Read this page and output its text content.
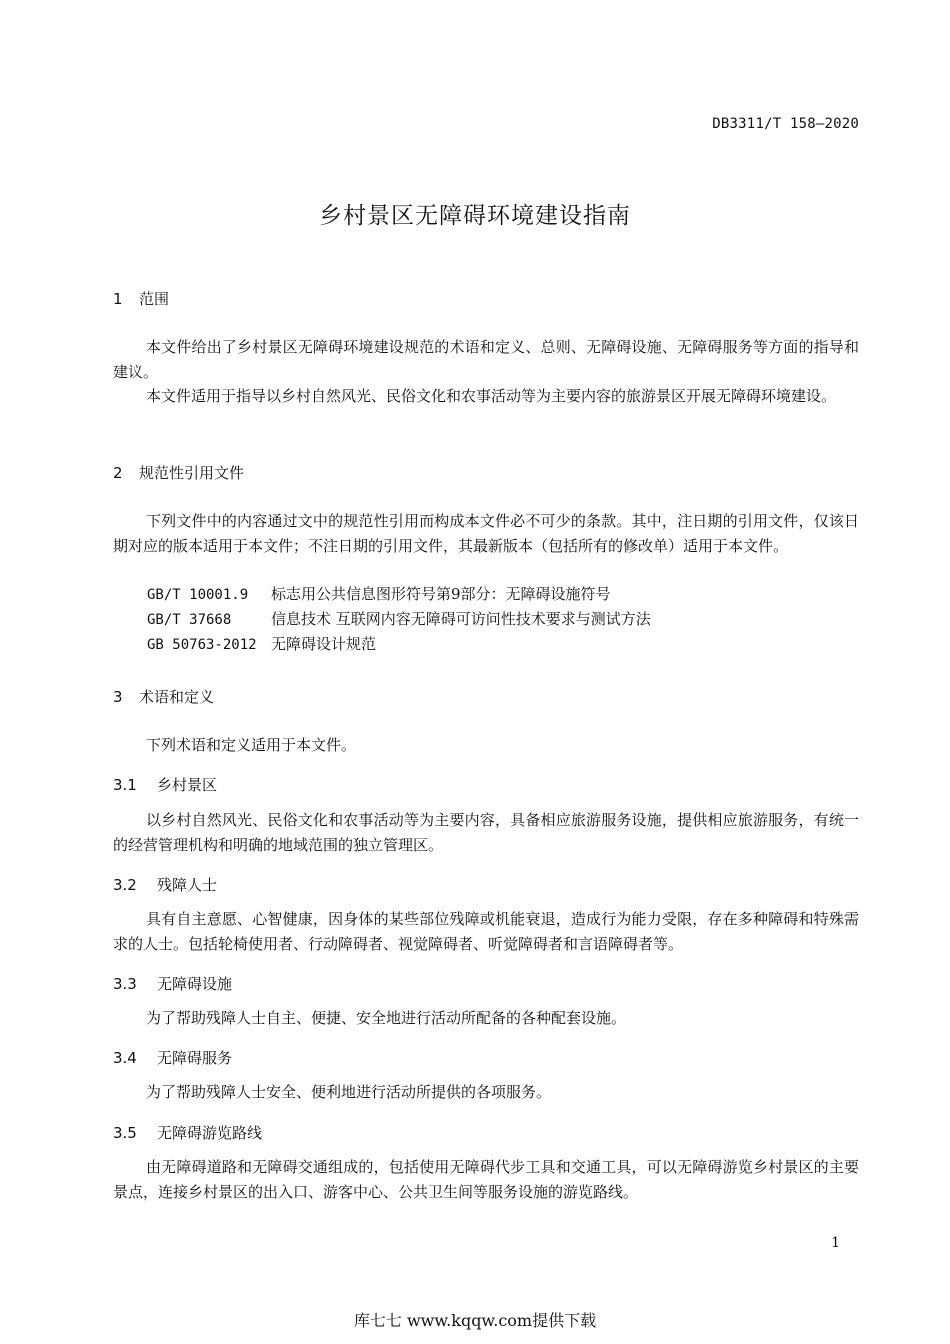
DB3311/T 158—2020
乡村景区无障碍环境建设指南
1 范围
本文件给出了乡村景区无障碍环境建设规范的术语和定义、总则、无障碍设施、无障碍服务等方面的指导和建议。
本文件适用于指导以乡村自然风光、民俗文化和农事活动等为主要内容的旅游景区开展无障碍环境建设。
2 规范性引用文件
下列文件中的内容通过文中的规范性引用而构成本文件必不可少的条款。其中，注日期的引用文件，仅该日期对应的版本适用于本文件；不注日期的引用文件，其最新版本（包括所有的修改单）适用于本文件。
GB/T 10001.9 标志用公共信息图形符号第9部分：无障碍设施符号
GB/T 37668	信息技术 互联网内容无障碍可访问性技术要求与测试方法
GB 50763-2012 无障碍设计规范
3 术语和定义
下列术语和定义适用于本文件。
3.1 乡村景区
以乡村自然风光、民俗文化和农事活动等为主要内容，具备相应旅游服务设施，提供相应旅游服务，有统一的经营管理机构和明确的地域范围的独立管理区。
3.2 残障人士
具有自主意愿、心智健康，因身体的某些部位残障或机能衰退，造成行为能力受限，存在多种障碍和特殊需求的人士。包括轮椅使用者、行动障碍者、视觉障碍者、听觉障碍者和言语障碍者等。
3.3 无障碍设施
为了帮助残障人士自主、便捷、安全地进行活动所配备的各种配套设施。
3.4 无障碍服务
为了帮助残障人士安全、便利地进行活动所提供的各项服务。
3.5 无障碍游览路线
由无障碍道路和无障碍交通组成的，包括使用无障碍代步工具和交通工具，可以无障碍游览乡村景区的主要景点，连接乡村景区的出入口、游客中心、公共卫生间等服务设施的游览路线。
1
库七七 www.kqqw.com提供下载
